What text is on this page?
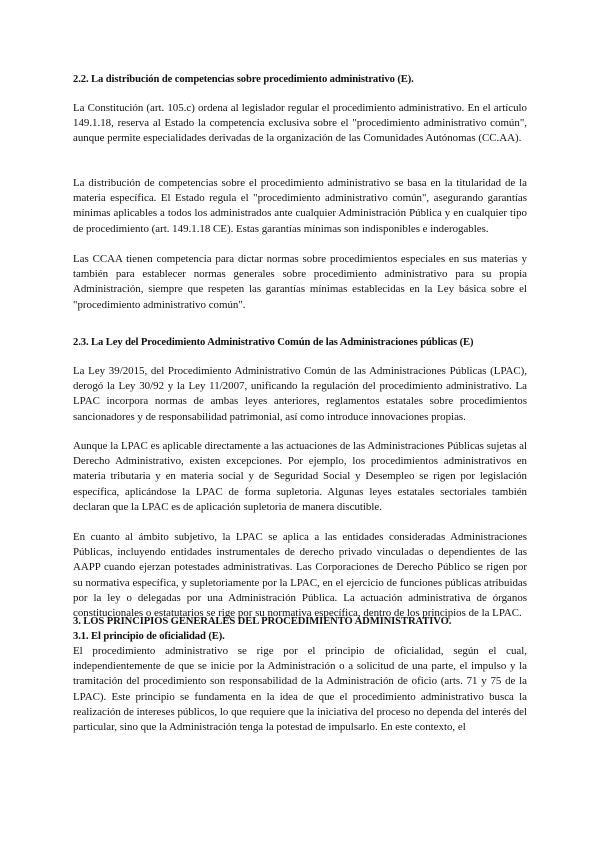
2.2. La distribución de competencias sobre procedimiento administrativo (E).

La Constitución (art. 105.c) ordena al legislador regular el procedimiento administrativo. En el artículo 149.1.18, reserva al Estado la competencia exclusiva sobre el "procedimiento administrativo común", aunque permite especialidades derivadas de la organización de las Comunidades Autónomas (CC.AA).

La distribución de competencias sobre el procedimiento administrativo se basa en la titularidad de la materia específica. El Estado regula el "procedimiento administrativo común", asegurando garantías mínimas aplicables a todos los administrados ante cualquier Administración Pública y en cualquier tipo de procedimiento (art. 149.1.18 CE). Estas garantías mínimas son indisponibles e inderogables.

Las CCAA tienen competencia para dictar normas sobre procedimientos especiales en sus materias y también para establecer normas generales sobre procedimiento administrativo para su propia Administración, siempre que respeten las garantías mínimas establecidas en la Ley básica sobre el "procedimiento administrativo común".

2.3. La Ley del Procedimiento Administrativo Común de las Administraciones públicas (E)

La Ley 39/2015, del Procedimiento Administrativo Común de las Administraciones Públicas (LPAC), derogó la Ley 30/92 y la Ley 11/2007, unificando la regulación del procedimiento administrativo. La LPAC incorpora normas de ambas leyes anteriores, reglamentos estatales sobre procedimientos sancionadores y de responsabilidad patrimonial, así como introduce innovaciones propias.

Aunque la LPAC es aplicable directamente a las actuaciones de las Administraciones Públicas sujetas al Derecho Administrativo, existen excepciones. Por ejemplo, los procedimientos administrativos en materia tributaria y en materia social y de Seguridad Social y Desempleo se rigen por legislación específica, aplicándose la LPAC de forma supletoria. Algunas leyes estatales sectoriales también declaran que la LPAC es de aplicación supletoria de manera discutible.

En cuanto al ámbito subjetivo, la LPAC se aplica a las entidades consideradas Administraciones Públicas, incluyendo entidades instrumentales de derecho privado vinculadas o dependientes de las AAPP cuando ejerzan potestades administrativas. Las Corporaciones de Derecho Público se rigen por su normativa específica, y supletoriamente por la LPAC, en el ejercicio de funciones públicas atribuidas por la ley o delegadas por una Administración Pública. La actuación administrativa de órganos constitucionales o estatutarios se rige por su normativa específica, dentro de los principios de la LPAC.

3. LOS PRINCIPIOS GENERALES DEL PROCEDIMIENTO ADMINISTRATIVO.
3.1. El principio de oficialidad (E).

El procedimiento administrativo se rige por el principio de oficialidad, según el cual, independientemente de que se inicie por la Administración o a solicitud de una parte, el impulso y la tramitación del procedimiento son responsabilidad de la Administración de oficio (arts. 71 y 75 de la LPAC). Este principio se fundamenta en la idea de que el procedimiento administrativo busca la realización de intereses públicos, lo que requiere que la iniciativa del proceso no dependa del interés del particular, sino que la Administración tenga la potestad de impulsarlo. En este contexto, el
